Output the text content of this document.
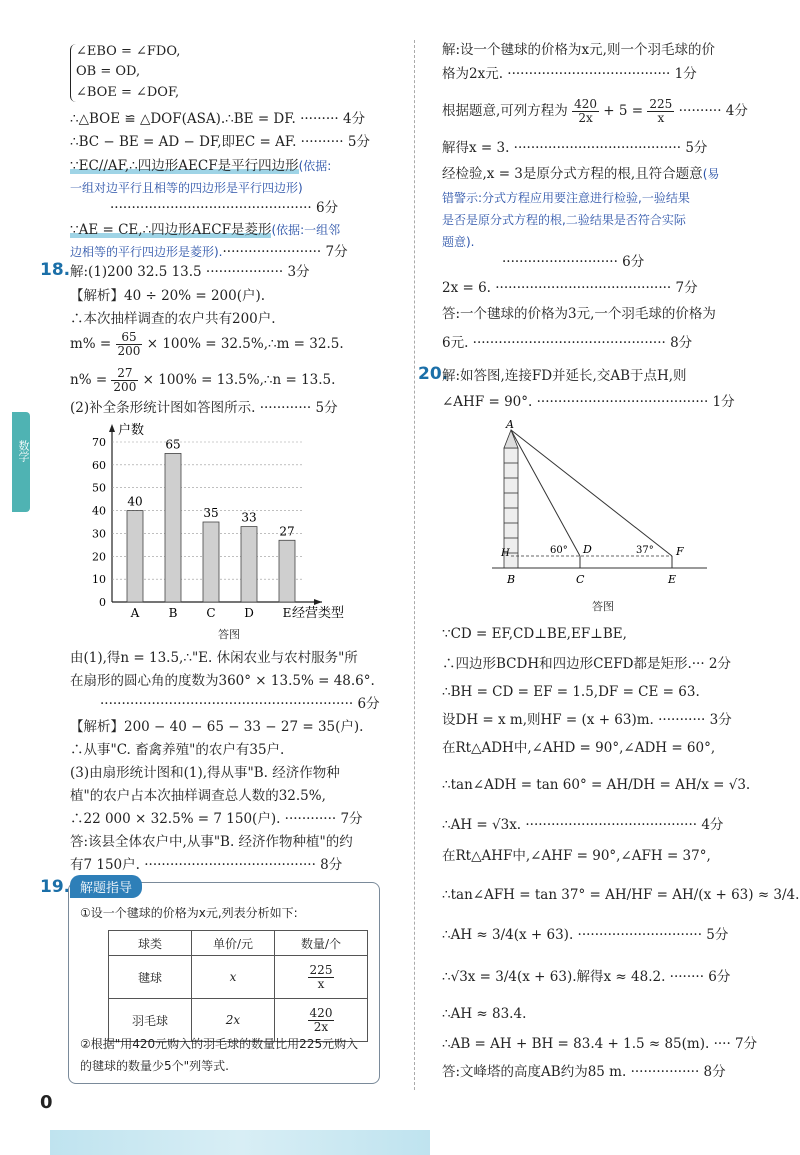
数学
∠EBO = ∠FDO,
OB = OD,
∠BOE = ∠DOF,
∴△BOE ≌ △DOF(ASA).∴BE = DF. ········· 4分
∴BC − BE = AD − DF,即EC = AF. ·········· 5分
∵EC//AF,∴四边形AECF是平行四边形(依据:
一组对边平行且相等的四边形是平行四边形)
··············································· 6分
∵AE = CE,∴四边形AECF是菱形(依据:一组邻
边相等的平行四边形是菱形).······················· 7分
18. 解:(1)200 32.5 13.5 ·················· 3分
【解析】40 ÷ 20% = 200(户).
∴本次抽样调查的农户共有200户.
$m\% = \frac{65}{200} \times 100\%$ = 32.5%,∴m = 32.5.
$n\% = \frac{27}{200} \times 100\%$ = 13.5%,∴n = 13.5.
(2)补全条形统计图如答图所示. ············ 5分
0
10
20
30
40
50
60
70
40
A
65
B
35
C
33
D
27
E
户数
经营类型
答图
由(1),得n = 13.5,∴"E. 休闲农业与农村服务"所
在扇形的圆心角的度数为360° × 13.5% = 48.6°.
··························································· 6分
【解析】200 − 40 − 65 − 33 − 27 = 35(户).
∴从事"C. 畜禽养殖"的农户有35户.
(3)由扇形统计图和(1),得从事"B. 经济作物种
植"的农户占本次抽样调查总人数的32.5%,
∴22 000 × 32.5% = 7 150(户). ············ 7分
答:该县全体农户中,从事"B. 经济作物种植"的约
有7 150户. ········································ 8分
19. 解题指导
①设一个毽球的价格为x元,列表分析如下:
球类	单价/元	数量/个
毽球	x	$\frac{225}{x}$

羽毛球	2x	$\frac{420}{2x}$
②根据"用420元购入的羽毛球的数量比用225元购入
的毽球的数量少5个"列等式.
0
解:设一个毽球的价格为x元,则一个羽毛球的价
格为2x元. ······································ 1分
根据题意,可列方程为 $\frac{420}{2x} + 5 = \frac{225}{x}$ ·········· 4分
解得x = 3. ······································· 5分
经检验,x = 3是原分式方程的根,且符合题意(易
错警示:分式方程应用要注意进行检验,一验结果
是否是原分式方程的根,二验结果是否符合实际
题意).
··························· 6分
2x = 6. ········································· 7分
答:一个毽球的价格为3元,一个羽毛球的价格为
6元. ············································· 8分
20.
解:如答图,连接FD并延长,交AB于点H,则
∠AHF = 90°. ········································ 1分
A
B	C
D
E
F
H	60°	37°
答图
∵CD = EF,CD⊥BE,EF⊥BE,
∴四边形BCDH和四边形CEFD都是矩形.··· 2分
∴BH = CD = EF = 1.5,DF = CE = 63.
设DH = x m,则HF = (x + 63)m. ··········· 3分
在Rt△ADH中,∠AHD = 90°,∠ADH = 60°,
∴tan∠ADH = tan 60° = AH/DH = AH/x = √3.
∴AH = √3x. ········································ 4分
在Rt△AHF中,∠AHF = 90°,∠AFH = 37°,
∴tan∠AFH = tan 37° = AH/HF = AH/(x + 63) ≈ 3/4.
∴AH ≈ 3/4(x + 63). ····························· 5分
∴√3x = 3/4(x + 63).解得x ≈ 48.2. ········ 6分
∴AH ≈ 83.4.
∴AB = AH + BH = 83.4 + 1.5 ≈ 85(m). ···· 7分
答:文峰塔的高度AB约为85 m. ················ 8分
